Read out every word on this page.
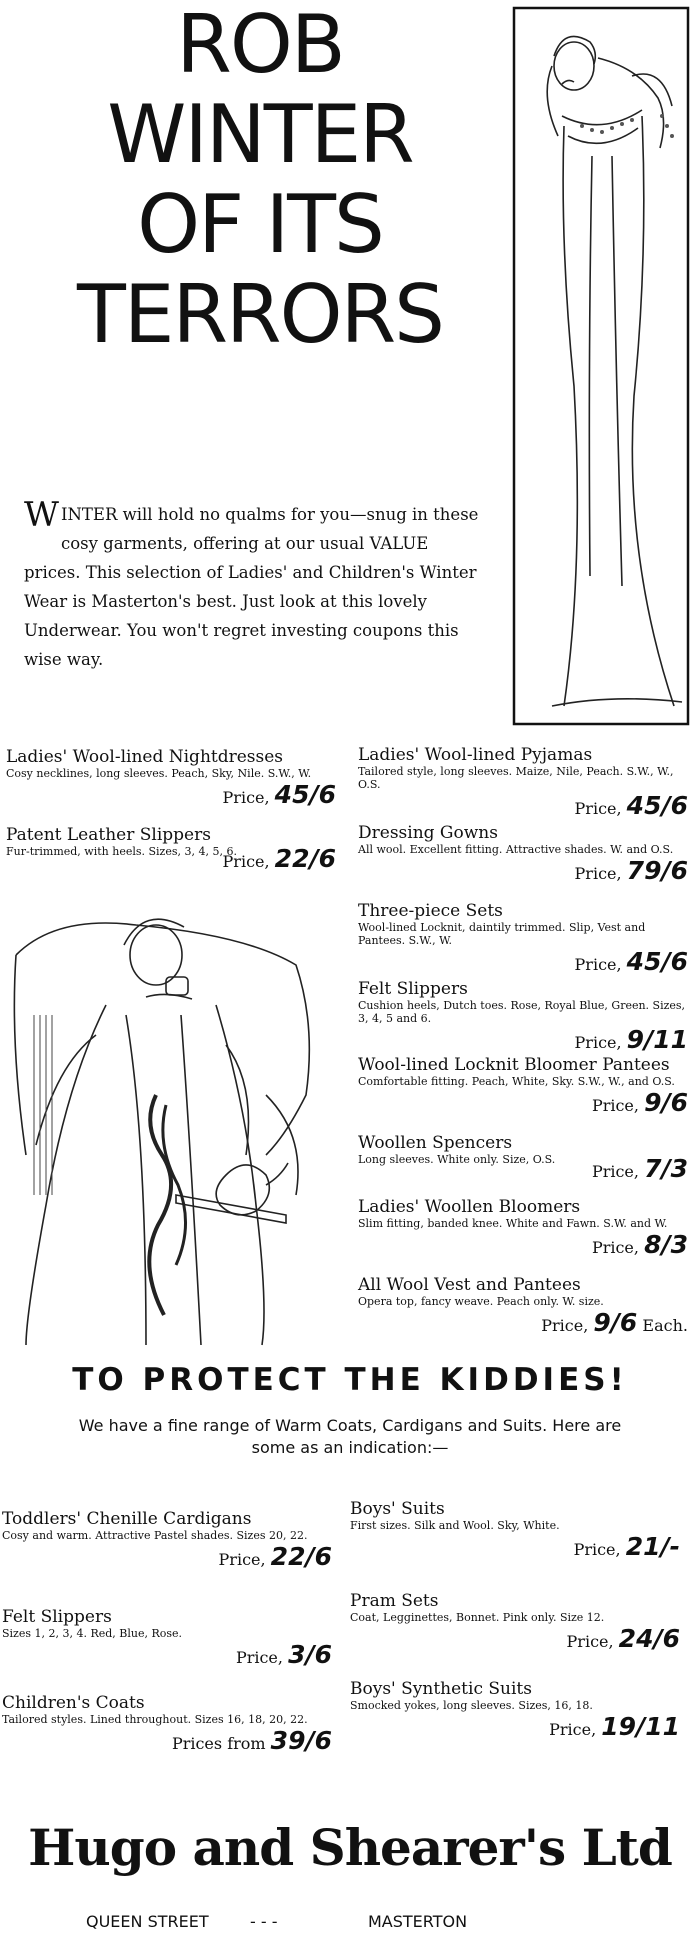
ROB
WINTER
OF ITS
TERRORS
WINTER will hold no qualms for you—snug in these cosy garments, offering at our usual VALUE prices. This selection of Ladies' and Children's Winter Wear is Masterton's best. Just look at this lovely Underwear. You won't regret investing coupons this wise way.
Ladies' Wool-lined Nightdresses
Cosy necklines, long sleeves. Peach, Sky, Nile. S.W., W.
Price, 45/6
Patent Leather Slippers
Fur-trimmed, with heels. Sizes, 3, 4, 5, 6.
Price, 22/6
Ladies' Wool-lined Pyjamas
Tailored style, long sleeves. Maize, Nile, Peach. S.W., W., O.S.
Price, 45/6
Dressing Gowns
All wool. Excellent fitting. Attractive shades. W. and O.S.
Price, 79/6
Three-piece Sets
Wool-lined Locknit, daintily trimmed. Slip, Vest and Pantees. S.W., W.
Price, 45/6
Felt Slippers
Cushion heels, Dutch toes. Rose, Royal Blue, Green. Sizes, 3, 4, 5 and 6.
Price, 9/11
Wool-lined Locknit Bloomer Pantees
Comfortable fitting. Peach, White, Sky. S.W., W., and O.S.
Price, 9/6
Woollen Spencers
Long sleeves. White only. Size, O.S.
Price, 7/3
Ladies' Woollen Bloomers
Slim fitting, banded knee. White and Fawn. S.W. and W.
Price, 8/3
All Wool Vest and Pantees
Opera top, fancy weave. Peach only. W. size.
Price, 9/6 Each.
TO PROTECT THE KIDDIES!
We have a fine range of Warm Coats, Cardigans and Suits. Here are some as an indication:—
Toddlers' Chenille Cardigans
Cosy and warm. Attractive Pastel shades. Sizes 20, 22.
Price, 22/6
Felt Slippers
Sizes 1, 2, 3, 4. Red, Blue, Rose.
Price, 3/6
Children's Coats
Tailored styles. Lined throughout. Sizes 16, 18, 20, 22.
Prices from 39/6
Boys' Suits
First sizes. Silk and Wool. Sky, White.
Price, 21/-
Pram Sets
Coat, Legginettes, Bonnet. Pink only. Size 12.
Price, 24/6
Boys' Synthetic Suits
Smocked yokes, long sleeves. Sizes, 16, 18.
Price, 19/11
Hugo and Shearer's Ltd
QUEEN STREET	- - -	MASTERTON
